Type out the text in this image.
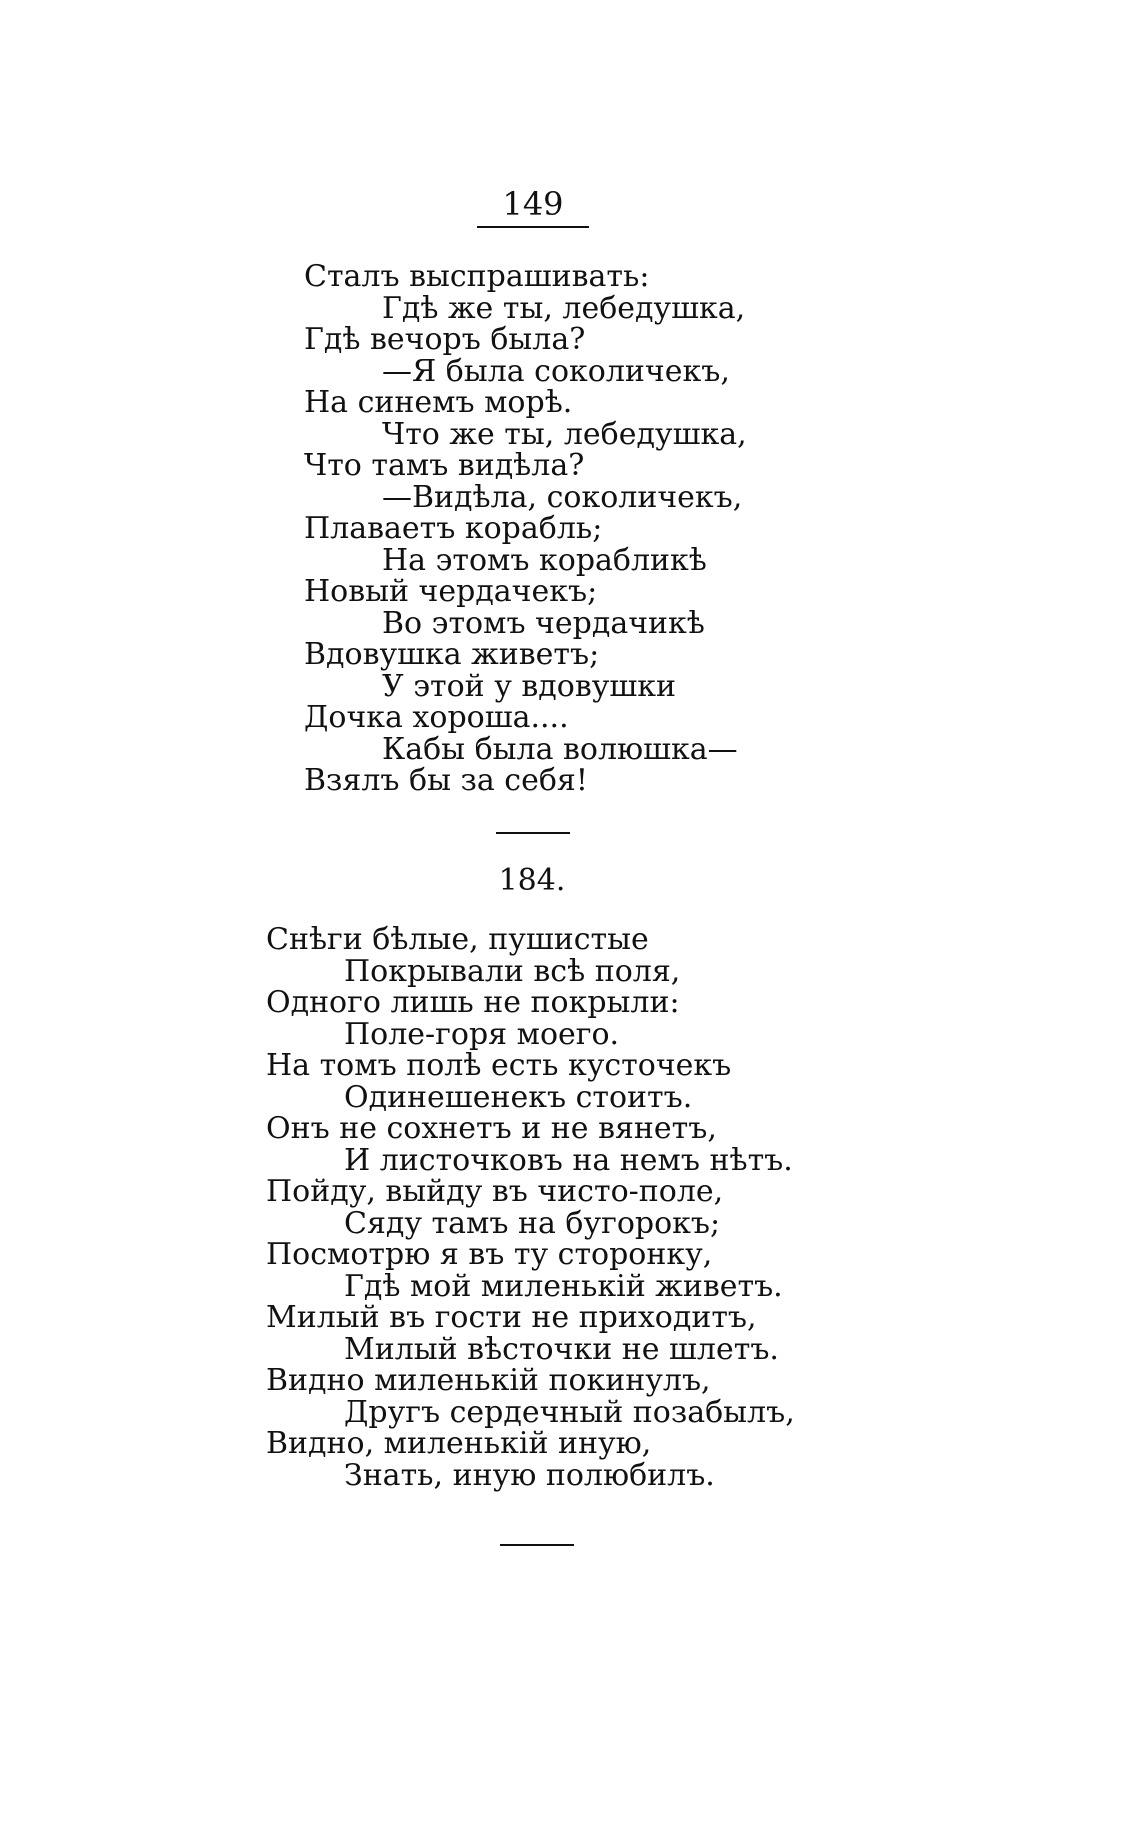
149
Сталъ выспрашивать:
Гдѣ же ты, лебедушка,
Гдѣ вечоръ была?
—Я была соколичекъ,
На синемъ морѣ.
Что же ты, лебедушка,
Что тамъ видѣла?
—Видѣла, соколичекъ,
Плаваетъ корабль;
На этомъ корабликѣ
Новый чердачекъ;
Во этомъ чердачикѣ
Вдовушка живетъ;
У этой у вдовушки
Дочка хороша....
Кабы была волюшка—
Взялъ бы за себя!
184.
Снѣги бѣлые, пушистые
Покрывали всѣ поля,
Одного лишь не покрыли:
Поле-горя моего.
На томъ полѣ есть кусточекъ
Одинешенекъ стоитъ.
Онъ не сохнетъ и не вянетъ,
И листочковъ на немъ нѣтъ.
Пойду, выйду въ чисто-поле,
Сяду тамъ на бугорокъ;
Посмотрю я въ ту сторонку,
Гдѣ мой миленькій живетъ.
Милый въ гости не приходитъ,
Милый вѣсточки не шлетъ.
Видно миленькій покинулъ,
Другъ сердечный позабылъ,
Видно, миленькій иную,
Знать, иную полюбилъ.
